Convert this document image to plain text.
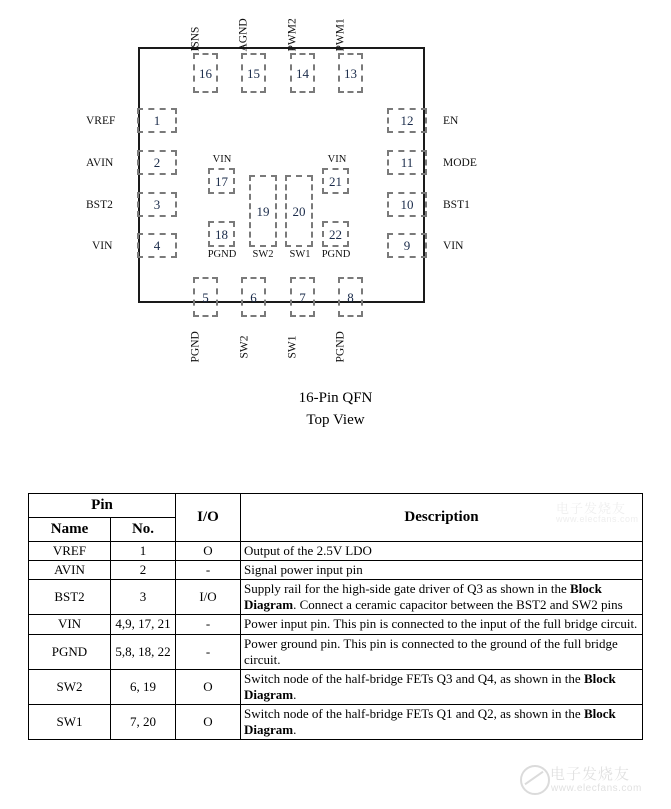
ISNS	AGND	PWM2	PWM1
16	15	14	13
VREF
AVIN
BST2
VIN
1
2
3
4
12
11
10
9
EN
MODE
BST1
VIN
5	6	7	8
PGND	SW2	SW1	PGND
VIN
17
18
PGND
19
SW2
20
SW1
VIN
21
22
PGND
16-Pin QFN
Top View
Pin		I/O	Description
Name	No.		
VREF	1	O	Output of the 2.5V LDO
AVIN	2	-	Signal power input pin
BST2	3	I/O	Supply rail for the high-side gate driver of Q3 as shown in the Block Diagram. Connect a ceramic capacitor between the BST2 and SW2 pins
VIN	4,9, 17, 21	-	Power input pin. This pin is connected to the input of the full bridge circuit.
PGND	5,8, 18, 22	-	Power ground pin. This pin is connected to the ground of the full bridge circuit.
SW2	6, 19	O	Switch node of the half-bridge FETs Q3 and Q4, as shown in the Block Diagram.
SW1	7, 20	O	Switch node of the half-bridge FETs Q1 and Q2, as shown in the Block Diagram.
电子发烧友
www.elecfans.com
电子发烧友
www.elecfans.com
